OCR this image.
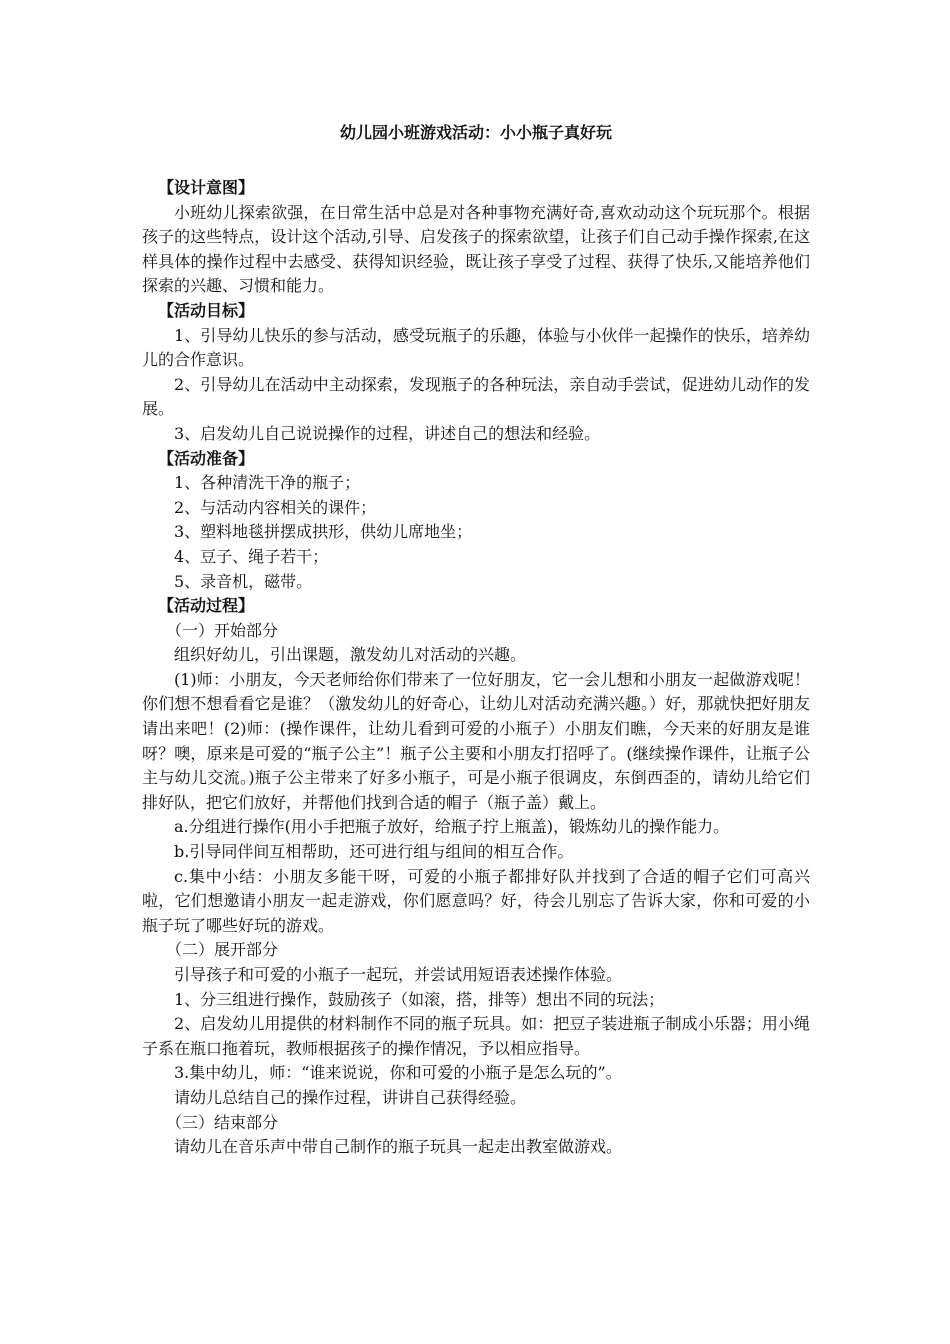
幼儿园小班游戏活动：小小瓶子真好玩
【设计意图】

小班幼儿探索欲强，在日常生活中总是对各种事物充满好奇,喜欢动动这个玩玩那个。根据孩子的这些特点，设计这个活动,引导、启发孩子的探索欲望，让孩子们自己动手操作探索,在这样具体的操作过程中去感受、获得知识经验，既让孩子享受了过程、获得了快乐,又能培养他们探索的兴趣、习惯和能力。

【活动目标】

1、引导幼儿快乐的参与活动，感受玩瓶子的乐趣，体验与小伙伴一起操作的快乐，培养幼儿的合作意识。

2、引导幼儿在活动中主动探索，发现瓶子的各种玩法，亲自动手尝试，促进幼儿动作的发展。

3、启发幼儿自己说说操作的过程，讲述自己的想法和经验。

【活动准备】

1、各种清洗干净的瓶子；

2、与活动内容相关的课件；

3、塑料地毯拼摆成拱形，供幼儿席地坐；

4、豆子、绳子若干；

5、录音机，磁带。

【活动过程】

（一）开始部分

组织好幼儿，引出课题，激发幼儿对活动的兴趣。

(1)师：小朋友，今天老师给你们带来了一位好朋友，它一会儿想和小朋友一起做游戏呢！你们想不想看看它是谁？（激发幼儿的好奇心，让幼儿对活动充满兴趣。）好，那就快把好朋友请出来吧！(2)师：(操作课件，让幼儿看到可爱的小瓶子）小朋友们瞧，今天来的好朋友是谁呀？噢，原来是可爱的“瓶子公主”！瓶子公主要和小朋友打招呼了。(继续操作课件，让瓶子公主与幼儿交流。)瓶子公主带来了好多小瓶子，可是小瓶子很调皮，东倒西歪的，请幼儿给它们排好队，把它们放好，并帮他们找到合适的帽子（瓶子盖）戴上。

a.分组进行操作(用小手把瓶子放好，给瓶子拧上瓶盖)，锻炼幼儿的操作能力。

b.引导同伴间互相帮助，还可进行组与组间的相互合作。

c.集中小结：小朋友多能干呀，可爱的小瓶子都排好队并找到了合适的帽子它们可高兴啦，它们想邀请小朋友一起走游戏，你们愿意吗？好，待会儿别忘了告诉大家，你和可爱的小瓶子玩了哪些好玩的游戏。

（二）展开部分

引导孩子和可爱的小瓶子一起玩，并尝试用短语表述操作体验。

1、分三组进行操作，鼓励孩子（如滚，搭，排等）想出不同的玩法；

2、启发幼儿用提供的材料制作不同的瓶子玩具。如：把豆子装进瓶子制成小乐器；用小绳子系在瓶口拖着玩，教师根据孩子的操作情况，予以相应指导。

3.集中幼儿，师：“谁来说说，你和可爱的小瓶子是怎么玩的”。

请幼儿总结自己的操作过程，讲讲自己获得经验。

（三）结束部分

请幼儿在音乐声中带自己制作的瓶子玩具一起走出教室做游戏。
